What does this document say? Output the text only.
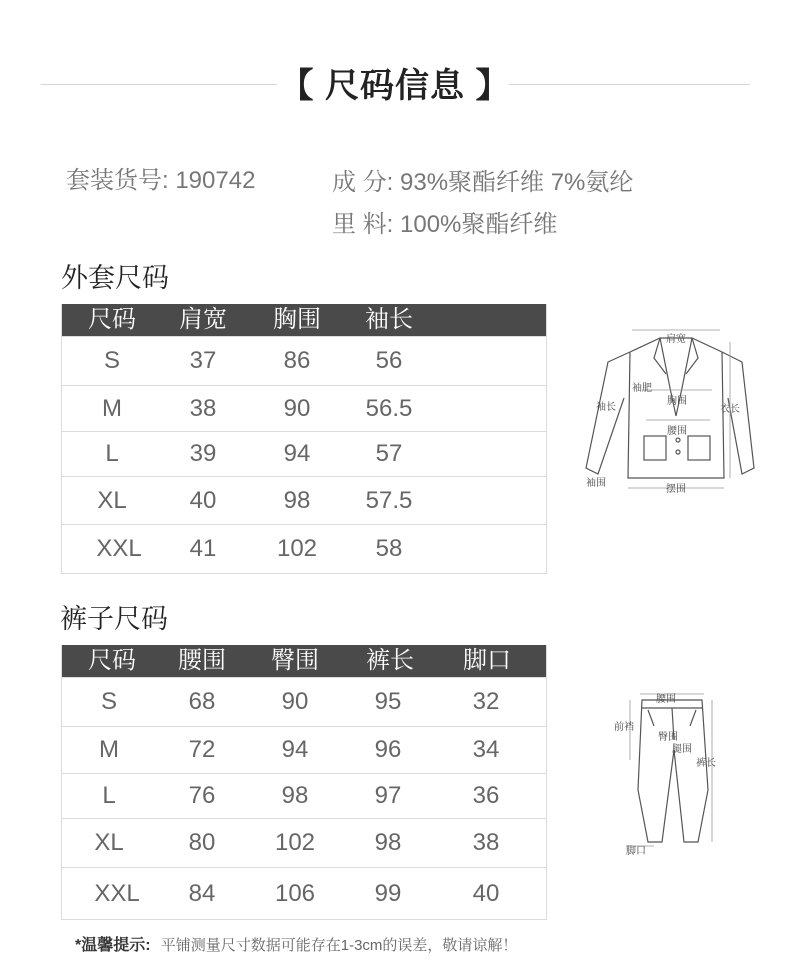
【 尺码信息 】
套装货号: 190742	成 分: 93%聚酯纤维 7%氨纶
里 料: 100%聚酯纤维
外套尺码
尺码 肩宽 胸围 袖长
S	37	86	56
M	38	90 56.5
L	39	94	57
XL	40	98 57.5
XXL 41	102 58
肩宽
袖肥
袖长
胸围
衣长
腰围
袖围
摆围
裤子尺码
尺码 腰围 臀围 裤长 脚口
S	68	90	95	32
M	72	94	96	34
L	76	98	97	36
XL	80 102 98	38
XXL 84 106 99	40
腰围
前裆
臀围
腿围
裤长
脚口
*温馨提示: 平铺测量尺寸数据可能存在1-3cm的误差，敬请谅解！
